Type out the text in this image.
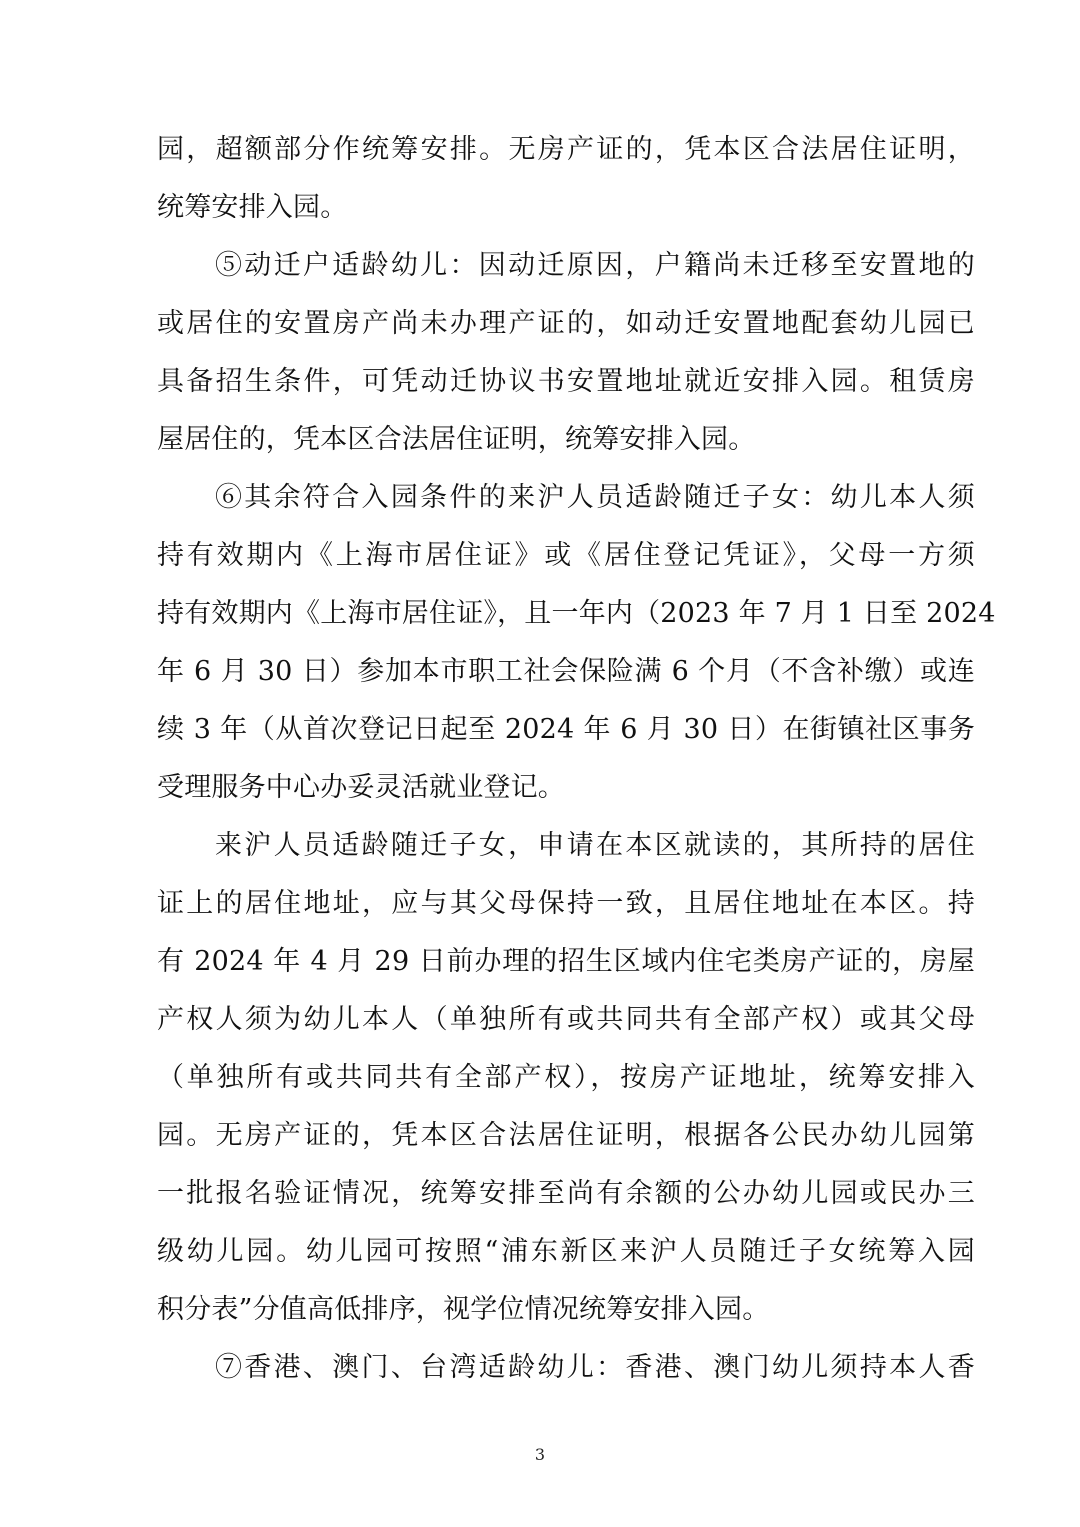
园，超额部分作统筹安排。无房产证的，凭本区合法居住证明，
统筹安排入园。
⑤动迁户适龄幼儿：因动迁原因，户籍尚未迁移至安置地的
或居住的安置房产尚未办理产证的，如动迁安置地配套幼儿园已
具备招生条件，可凭动迁协议书安置地址就近安排入园。租赁房
屋居住的，凭本区合法居住证明，统筹安排入园。
⑥其余符合入园条件的来沪人员适龄随迁子女：幼儿本人须
持有效期内《上海市居住证》或《居住登记凭证》，父母一方须
持有效期内《上海市居住证》，且一年内（2023 年 7 月 1 日至 2024
年 6 月 30 日）参加本市职工社会保险满 6 个月（不含补缴）或连
续 3 年（从首次登记日起至 2024 年 6 月 30 日）在街镇社区事务
受理服务中心办妥灵活就业登记。
来沪人员适龄随迁子女，申请在本区就读的，其所持的居住
证上的居住地址，应与其父母保持一致，且居住地址在本区。持
有 2024 年 4 月 29 日前办理的招生区域内住宅类房产证的，房屋
产权人须为幼儿本人（单独所有或共同共有全部产权）或其父母
（单独所有或共同共有全部产权），按房产证地址，统筹安排入
园。无房产证的，凭本区合法居住证明，根据各公民办幼儿园第
一批报名验证情况，统筹安排至尚有余额的公办幼儿园或民办三
级幼儿园。幼儿园可按照“浦东新区来沪人员随迁子女统筹入园
积分表”分值高低排序，视学位情况统筹安排入园。
⑦香港、澳门、台湾适龄幼儿：香港、澳门幼儿须持本人香
3
